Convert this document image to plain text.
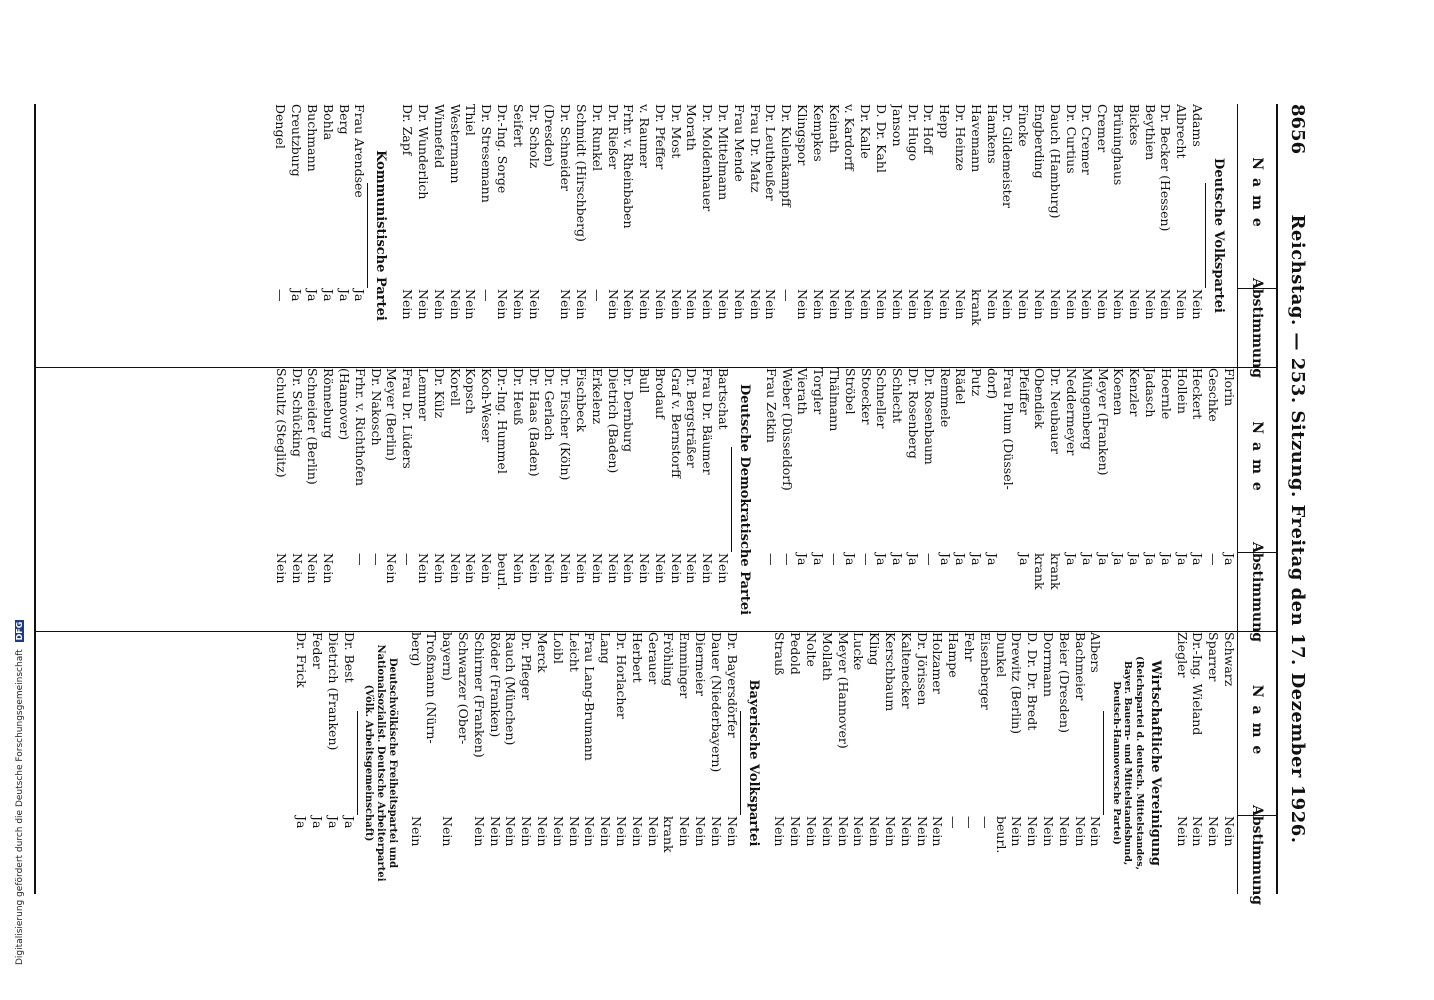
8656
Reichstag. — 253. Sitzung. Freitag den 17. Dezember 1926.
Name
Abstimmung
Deutsche Volkspartei
Adams
Nein
Albrecht
Nein
Dr. Becker (Hessen)
Nein
Beythien
Nein
Bickes
Nein
Brüninghaus
Nein
Cremer
Nein
Dr. Cremer
Nein
Dr. Curtius
Nein
Dauch (Hamburg)
Nein
Engberding
Nein
Fincke
Nein
Dr. Gildemeister
Nein
Hamkens
Nein
Havemann
krank
Dr. Heinze
Nein
Hepp
Nein
Dr. Hoff
Nein
Dr. Hugo
Nein
Janson
Nein
D. Dr. Kahl
Nein
Dr. Kalle
Nein
v. Kardorff
Nein
Keinath
Nein
Kempkes
Nein
Klingspor
Nein
Dr. Kulenkampff
—
Dr. Leutheußer
Nein
Frau Dr. Matz
Nein
Frau Mende
Nein
Dr. Mittelmann
Nein
Dr. Moldenhauer
Nein
Morath
Nein
Dr. Most
Nein
Dr. Pfeffer
Nein
v. Raumer
Nein
Frhr. v. Rheinbaben
Nein
Dr. Rießer
Nein
Dr. Runkel
—
Schmidt (Hirschberg)
Nein
Dr. Schneider
Nein
(Dresden)
Dr. Scholz
Nein
Seifert
Nein
Dr.-Ing. Sorge
Nein
Dr. Stresemann
—
Thiel
Nein
Westermann
Nein
Winnefeld
Nein
Dr. Wunderlich
Nein
Dr. Zapf
Nein
Kommunistische Partei
Frau Arendsee
Ja
Berg
Ja
Bohla
Ja
Buchmann
Ja
Creutzburg
Ja
Dengel
—
Name
Abstimmung
Florin
Ja
Geschke
—
Heckert
Ja
Hollein
Ja
Hoernle
Ja
Jadasch
Ja
Kenzler
Ja
Koenen
Ja
Meyer (Franken)
Ja
Müngenberg
Ja
Neddermeyer
Ja
Dr. Neubauer
krank
Obendiek
krank
Pfeiffer
Ja
Frau Plum (Düssel-
dorf)
Ja
Putz
Ja
Rädel
Ja
Remmele
Ja
Dr. Rosenbaum
—
Dr. Rosenberg
Ja
Schlecht
Ja
Schneller
Ja
Stoecker
—
Ströbel
Ja
Thälmann
—
Torgler
Ja
Vierath
Ja
Weber (Düsseldorf)
—
Frau Zetkin
—
Deutsche Demokratische Partei
Bartschat
Nein
Frau Dr. Bäumer
Nein
Dr. Bergsträßer
Nein
Graf v. Bernstorff
Nein
Brodauf
Nein
Bull
Nein
Dr. Dernburg
Nein
Dietrich (Baden)
Nein
Erkelenz
Nein
Fischbeck
Nein
Dr. Fischer (Köln)
Nein
Dr. Gerlach
Nein
Dr. Haas (Baden)
Nein
Dr. Heuß
Nein
Dr.-Ing. Hummel
beurl.
Koch-Weser
Nein
Kopsch
Nein
Korell
Nein
Dr. Külz
Nein
Lemmer
Nein
Frau Dr. Lüders
—
Meyer (Berlin)
Nein
Dr. Nakosch
—
Frhr. v. Richthofen
—
(Hannover)
Rönneburg
Nein
Schneider (Berlin)
Nein
Dr. Schücking
Nein
Schultz (Steglitz)
Nein
Name
Abstimmung
Schwarz
Nein
Sparrer
Nein
Dr.-Ing. Wieland
Nein
Ziegler
Nein
Wirtschaftliche Vereinigung
(Reichspartei d. deutsch. Mittelstandes, Bayer. Bauern- und Mittelstandsbund, Deutsch-Hannoversche Partei)
Albers
Nein
Bachmeier
Nein
Beier (Dresden)
Nein
Dorrmann
Nein
D. Dr. Dr. Bredt
Nein
Drewitz (Berlin)
Nein
Dunkel
beurl.
Eisenberger
—
Fehr
—
Hampe
—
Holzamer
Nein
Dr. Jörissen
Nein
Kaltenecker
Nein
Kerschbaum
Nein
Kling
Nein
Lucke
Nein
Meyer (Hannover)
Nein
Mollath
Nein
Nolte
Nein
Pedold
Nein
Strauß
Nein
Bayerische Volkspartei
Dr. Bayersdörfer
Nein
Dauer (Niederbayern)
Nein
Diermeier
Nein
Emminger
Nein
Fröhling
krank
Gerauer
Nein
Herbert
Nein
Dr. Horlacher
Nein
Lang
Nein
Frau Lang-Brumann
Nein
Leicht
Nein
Loibl
Nein
Merck
Nein
Dr. Pfleger
Nein
Rauch (München)
Nein
Röder (Franken)
Nein
Schirmer (Franken)
Nein
Schwarzer (Ober-
bayern)
Nein
Troßmann (Nürn-
berg)
Nein
Deutschvölkische Freiheitspartei und Nationalsozialist. Deutsche Arbeiterpartei (Völk. Arbeitsgemeinschaft)
Dr. Best
Ja
Dietrich (Franken)
Ja
Feder
Ja
Dr. Frick
Ja
Digitalisierung gefördert durch die Deutsche Forschungsgemeinschaft DFG
